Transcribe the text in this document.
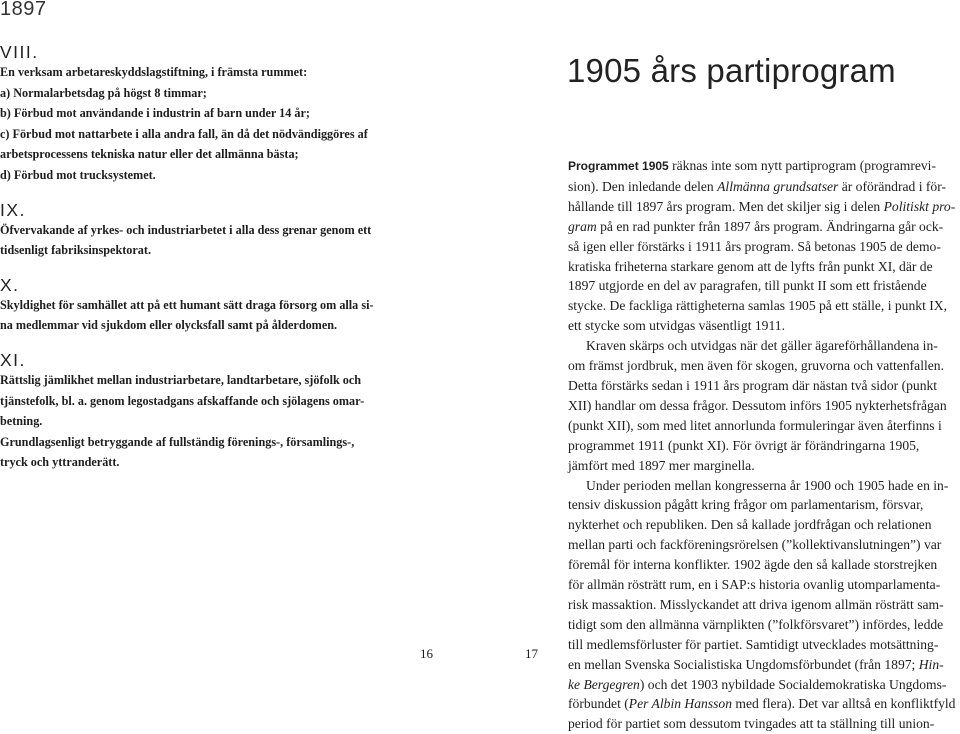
1897
VIII.
En verksam arbetareskyddslagstiftning, i främsta rummet:
a) Normalarbetsdag på högst 8 timmar;
b) Förbud mot användande i industrin af barn under 14 år;
c) Förbud mot nattarbete i alla andra fall, än då det nödvändiggöres af
arbetsprocessens tekniska natur eller det allmänna bästa;
d) Förbud mot trucksystemet.
IX.
Öfvervakande af yrkes- och industriarbetet i alla dess grenar genom ett
tidsenligt fabriksinspektorat.
X.
Skyldighet för samhället att på ett humant sätt draga försorg om alla si-
na medlemmar vid sjukdom eller olycksfall samt på ålderdomen.
XI.
Rättslig jämlikhet mellan industriarbetare, landtarbetare, sjöfolk och
tjänstefolk, bl. a. genom legostadgans afskaffande och sjölagens omar-
betning.
Grundlagsenligt betryggande af fullständig förenings-, församlings-,
tryck och yttranderätt.
16	17
1905 års partiprogram
Programmet 1905 räknas inte som nytt partiprogram (programrevi-
sion). Den inledande delen Allmänna grundsatser är oförändrad i för-
hållande till 1897 års program. Men det skiljer sig i delen Politiskt pro-
gram på en rad punkter från 1897 års program. Ändringarna går ock-
så igen eller förstärks i 1911 års program. Så betonas 1905 de demo-
kratiska friheterna starkare genom att de lyfts från punkt XI, där de
1897 utgjorde en del av paragrafen, till punkt II som ett fristående
stycke. De fackliga rättigheterna samlas 1905 på ett ställe, i punkt IX,
ett stycke som utvidgas väsentligt 1911.
Kraven skärps och utvidgas när det gäller ägareförhållandena in-
om främst jordbruk, men även för skogen, gruvorna och vattenfallen.
Detta förstärks sedan i 1911 års program där nästan två sidor (punkt
XII) handlar om dessa frågor. Dessutom införs 1905 nykterhetsfrågan
(punkt XII), som med litet annorlunda formuleringar även återfinns i
programmet 1911 (punkt XI). För övrigt är förändringarna 1905,
jämfört med 1897 mer marginella.
Under perioden mellan kongresserna år 1900 och 1905 hade en in-
tensiv diskussion pågått kring frågor om parlamentarism, försvar,
nykterhet och republiken. Den så kallade jordfrågan och relationen
mellan parti och fackföreningsrörelsen (”kollektivanslutningen”) var
föremål för interna konflikter. 1902 ägde den så kallade storstrejken
för allmän rösträtt rum, en i SAP:s historia ovanlig utomparlamenta-
risk massaktion. Misslyckandet att driva igenom allmän rösträtt sam-
tidigt som den allmänna värnplikten (”folkförsvaret”) infördes, ledde
till medlemsförluster för partiet. Samtidigt utvecklades motsättning-
en mellan Svenska Socialistiska Ungdomsförbundet (från 1897; Hin-
ke Bergegren) och det 1903 nybildade Socialdemokratiska Ungdoms-
förbundet (Per Albin Hansson med flera). Det var alltså en konfliktfyld
period för partiet som dessutom tvingades att ta ställning till union-
